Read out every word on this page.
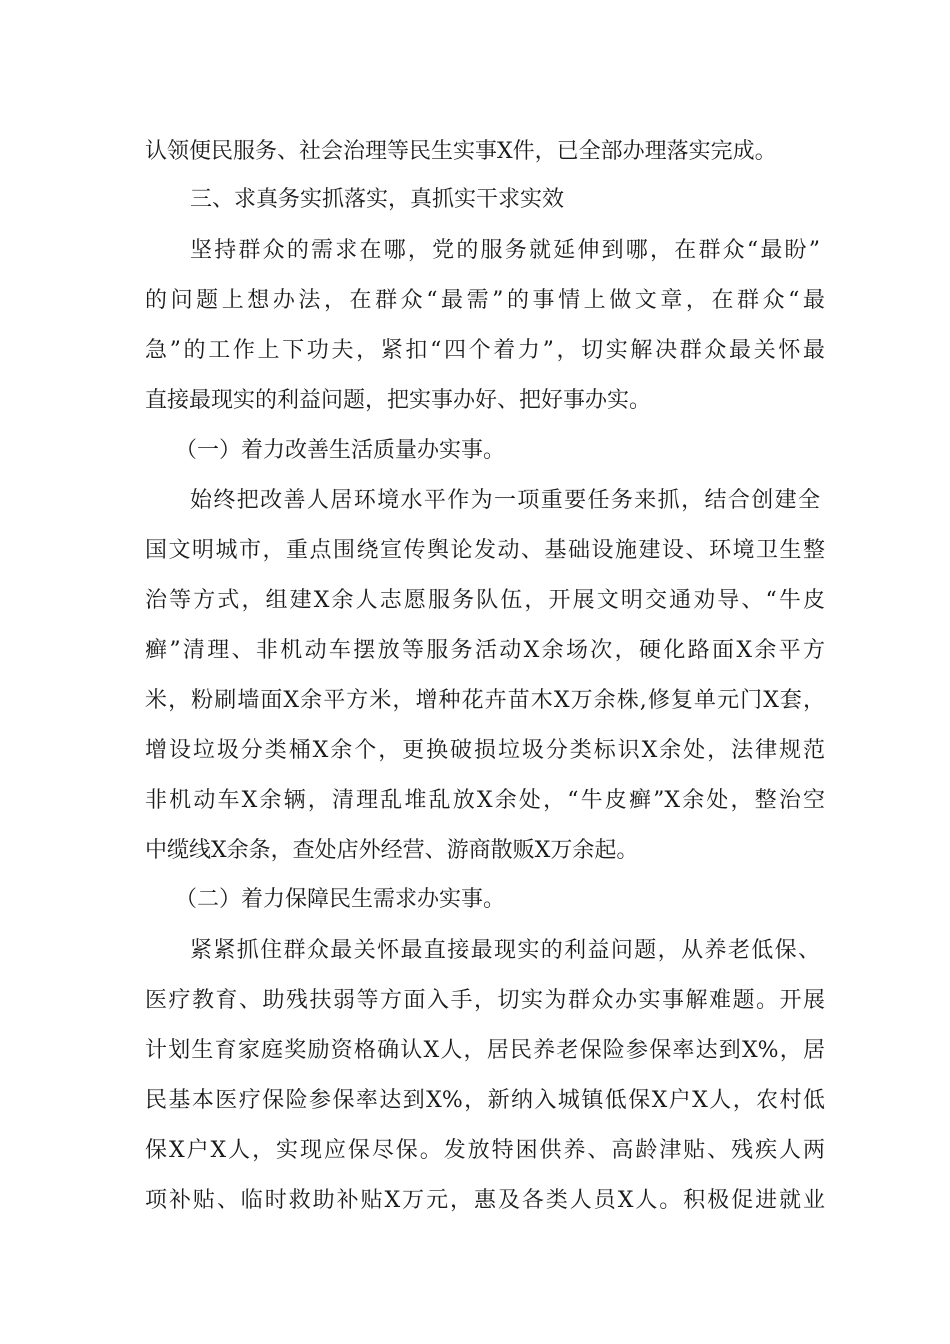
认领便民服务、社会治理等民生实事X件，已全部办理落实完成。

三、求真务实抓落实，真抓实干求实效

坚持群众的需求在哪，党的服务就延伸到哪，在群众“最盼”

的问题上想办法，在群众“最需”的事情上做文章，在群众“最

急”的工作上下功夫，紧扣“四个着力”，切实解决群众最关怀最

直接最现实的利益问题，把实事办好、把好事办实。

（一）着力改善生活质量办实事。

始终把改善人居环境水平作为一项重要任务来抓，结合创建全

国文明城市，重点围绕宣传舆论发动、基础设施建设、环境卫生整

治等方式，组建X余人志愿服务队伍，开展文明交通劝导、“牛皮

癣”清理、非机动车摆放等服务活动X余场次，硬化路面X余平方

米，粉刷墙面X余平方米，增种花卉苗木X万余株,修复单元门X套，

增设垃圾分类桶X余个，更换破损垃圾分类标识X余处，法律规范

非机动车X余辆，清理乱堆乱放X余处，“牛皮癣”X余处，整治空

中缆线X余条，查处店外经营、游商散贩X万余起。

（二）着力保障民生需求办实事。

紧紧抓住群众最关怀最直接最现实的利益问题，从养老低保、

医疗教育、助残扶弱等方面入手，切实为群众办实事解难题。开展

计划生育家庭奖励资格确认X人，居民养老保险参保率达到X%，居

民基本医疗保险参保率达到X%，新纳入城镇低保X户X人，农村低

保X户X人，实现应保尽保。发放特困供养、高龄津贴、残疾人两

项补贴、临时救助补贴X万元，惠及各类人员X人。积极促进就业
